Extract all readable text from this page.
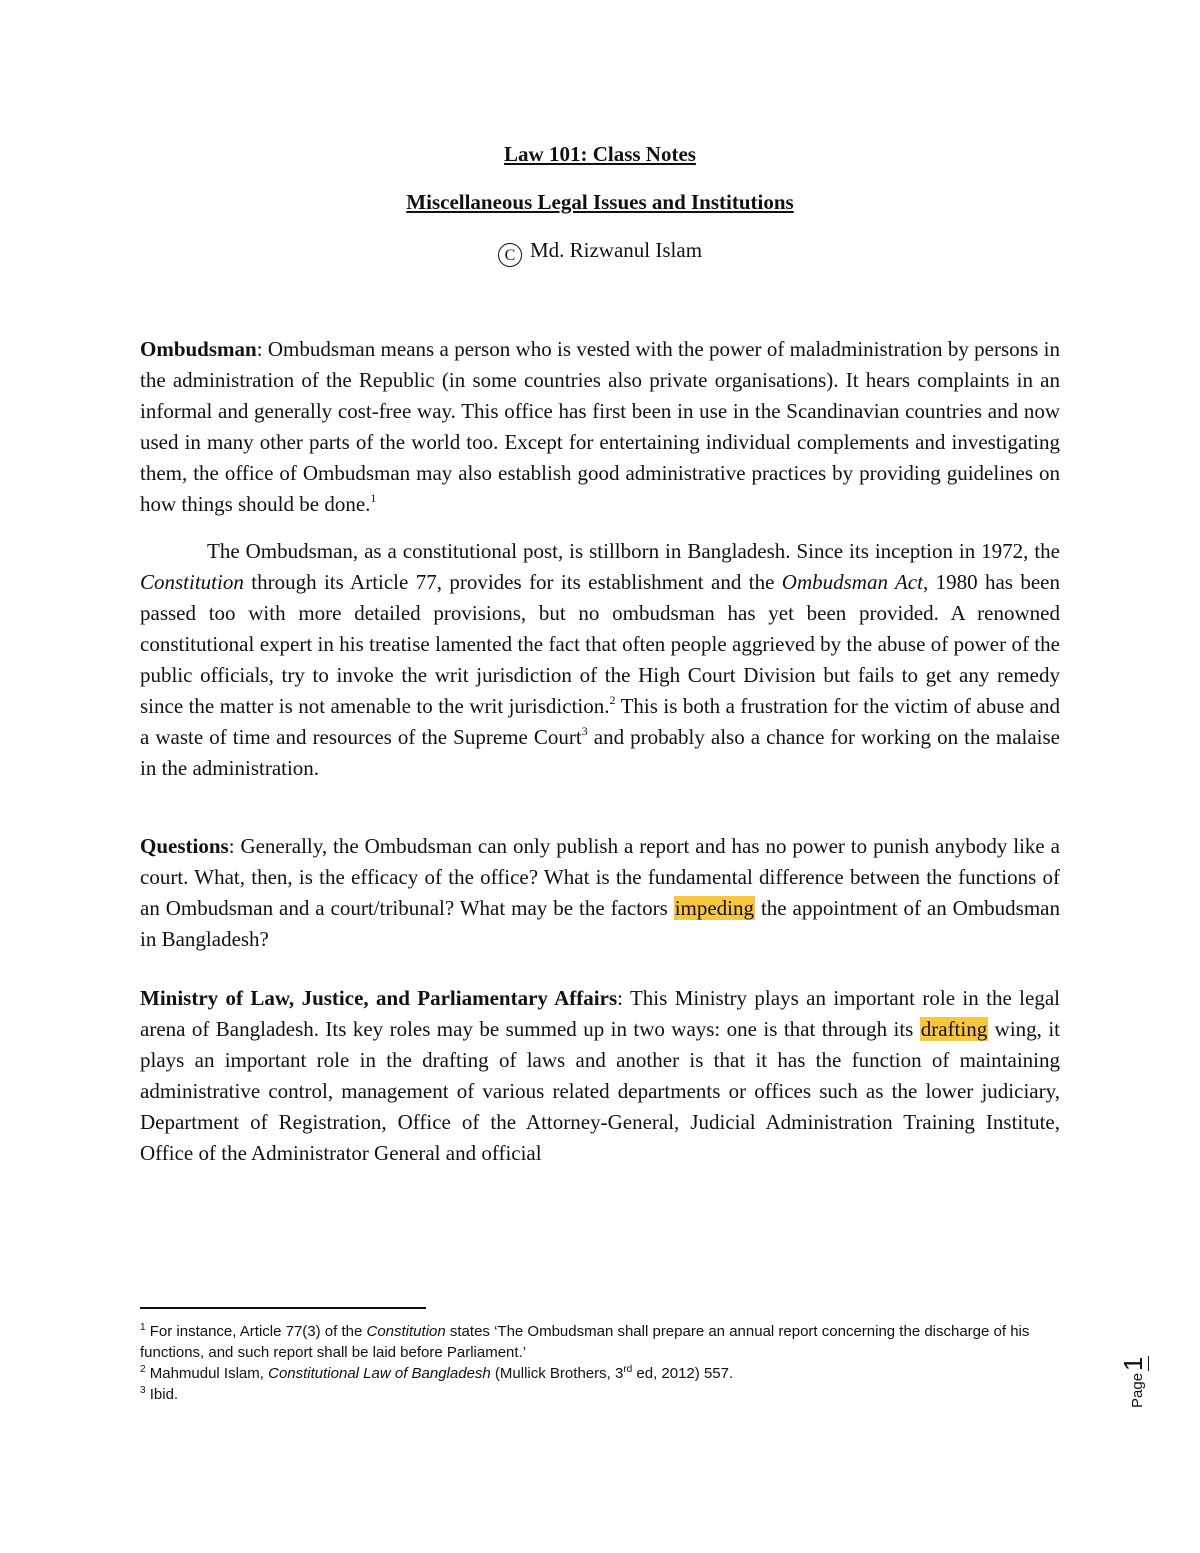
Law 101: Class Notes
Miscellaneous Legal Issues and Institutions
C Md. Rizwanul Islam
Ombudsman: Ombudsman means a person who is vested with the power of maladministration by persons in the administration of the Republic (in some countries also private organisations). It hears complaints in an informal and generally cost-free way. This office has first been in use in the Scandinavian countries and now used in many other parts of the world too. Except for entertaining individual complements and investigating them, the office of Ombudsman may also establish good administrative practices by providing guidelines on how things should be done.$^1$
The Ombudsman, as a constitutional post, is stillborn in Bangladesh. Since its inception in 1972, the Constitution through its Article 77, provides for its establishment and the Ombudsman Act, 1980 has been passed too with more detailed provisions, but no ombudsman has yet been provided. A renowned constitutional expert in his treatise lamented the fact that often people aggrieved by the abuse of power of the public officials, try to invoke the writ jurisdiction of the High Court Division but fails to get any remedy since the matter is not amenable to the writ jurisdiction.$^2$ This is both a frustration for the victim of abuse and a waste of time and resources of the Supreme Court$^3$ and probably also a chance for working on the malaise in the administration.
Questions: Generally, the Ombudsman can only publish a report and has no power to punish anybody like a court. What, then, is the efficacy of the office? What is the fundamental difference between the functions of an Ombudsman and a court/tribunal? What may be the factors impeding the appointment of an Ombudsman in Bangladesh?
Ministry of Law, Justice, and Parliamentary Affairs: This Ministry plays an important role in the legal arena of Bangladesh. Its key roles may be summed up in two ways: one is that through its drafting wing, it plays an important role in the drafting of laws and another is that it has the function of maintaining administrative control, management of various related departments or offices such as the lower judiciary, Department of Registration, Office of the Attorney-General, Judicial Administration Training Institute, Office of the Administrator General and official

$^1$ For instance, Article 77(3) of the Constitution states ‘The Ombudsman shall prepare an annual report concerning the discharge of his functions, and such report shall be laid before Parliament.’

$^2$ Mahmudul Islam, Constitutional Law of Bangladesh (Mullick Brothers, 3rd ed, 2012) 557.

$^3$ Ibid.	Page1
